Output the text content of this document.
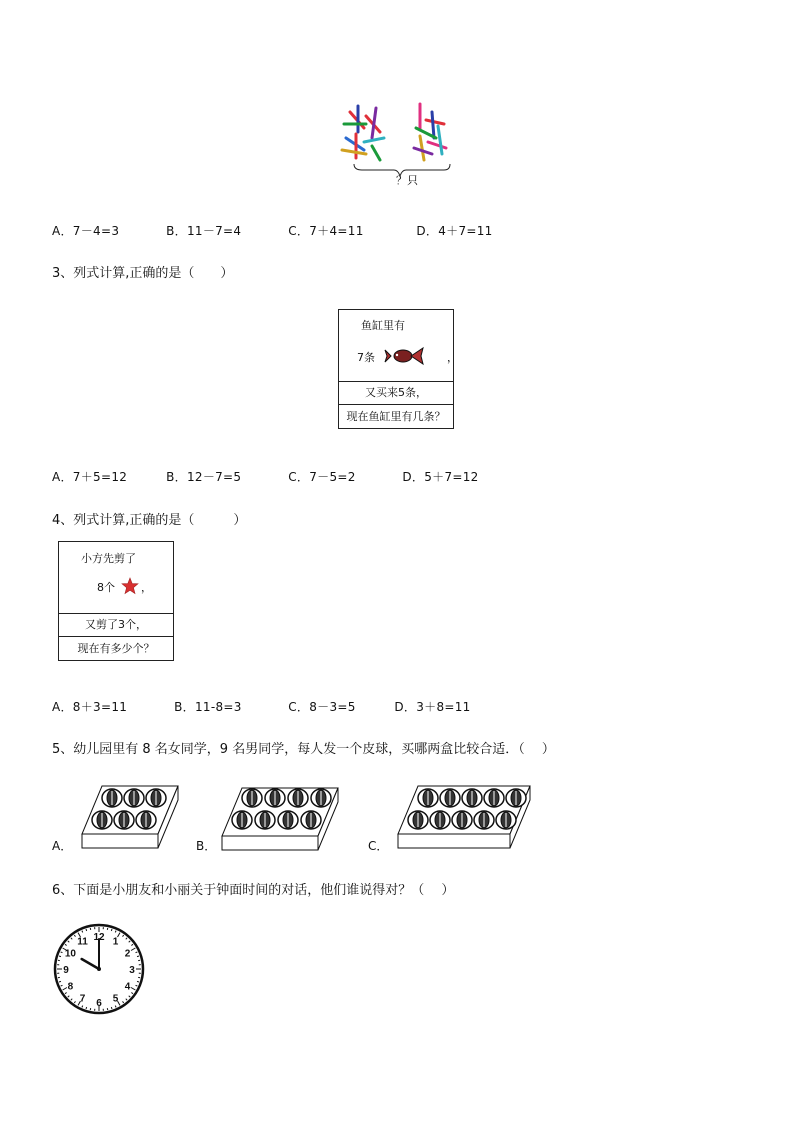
？只
A．7－4=3	B．11－7=4	C．7＋4=11	D．4＋7=11
3、列式计算,正确的是（　　）
鱼缸里有
7条	，
又买来5条，
现在鱼缸里有几条？
A．7＋5=12	B．12－7=5	C．7－5=2	D．5＋7=12
4、列式计算,正确的是（　　　）
小方先剪了
8个 ，
又剪了3个，
现在有多少个？
A．8＋3=11	B．11-8=3	C．8－3=5	D．3＋8=11
5、幼儿园里有 8 名女同学，9 名男同学，每人发一个皮球，买哪两盒比较合适．（　 ）
A．	B．	C．
6、下面是小朋友和小丽关于钟面时间的对话，他们谁说得对？（　 ）
12 1
2
3
4
5
6
7
8
9
10
11
